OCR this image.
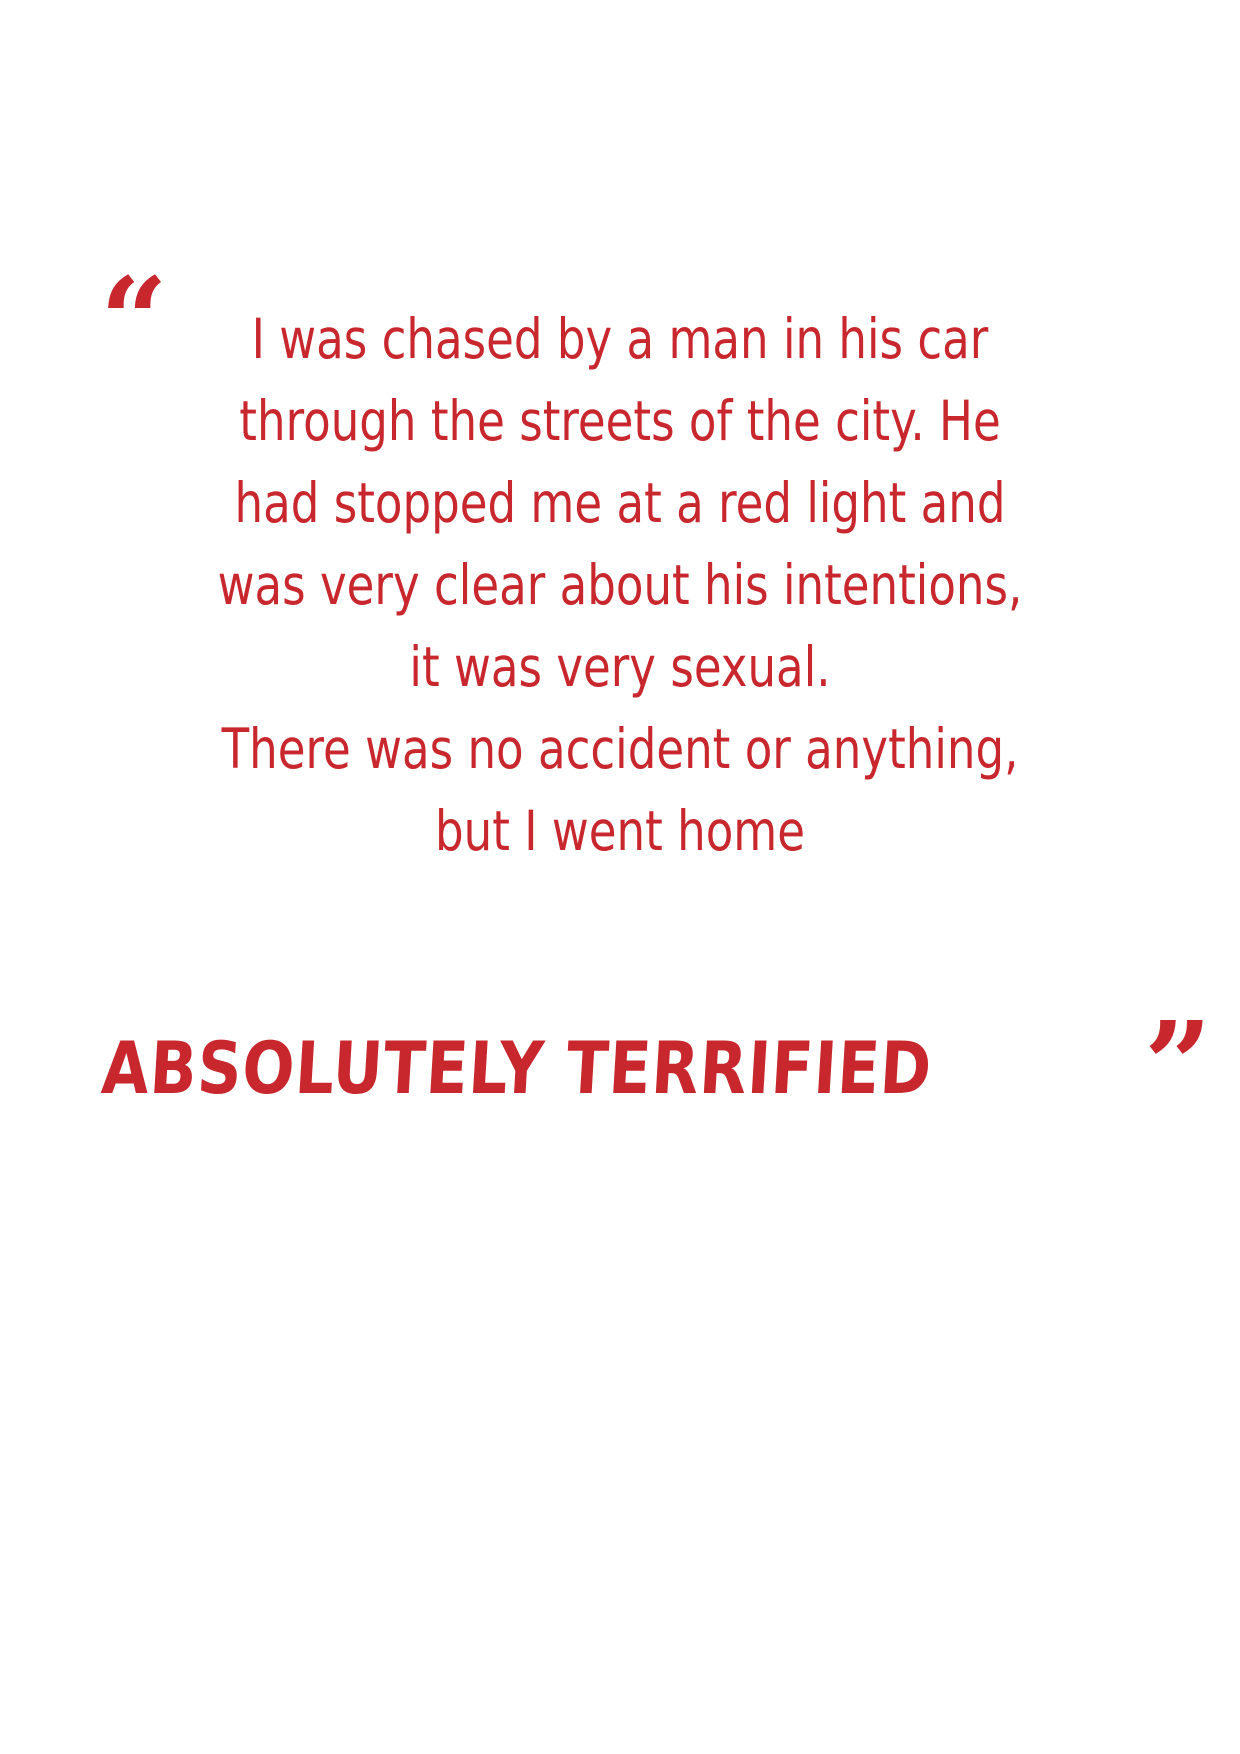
“	I was chased by a man in his car
through the streets of the city. He
had stopped me at a red light and
was very clear about his intentions,
it was very sexual.
There was no accident or anything,
but I went home

ABSOLUTELY TERRIFIED	”
